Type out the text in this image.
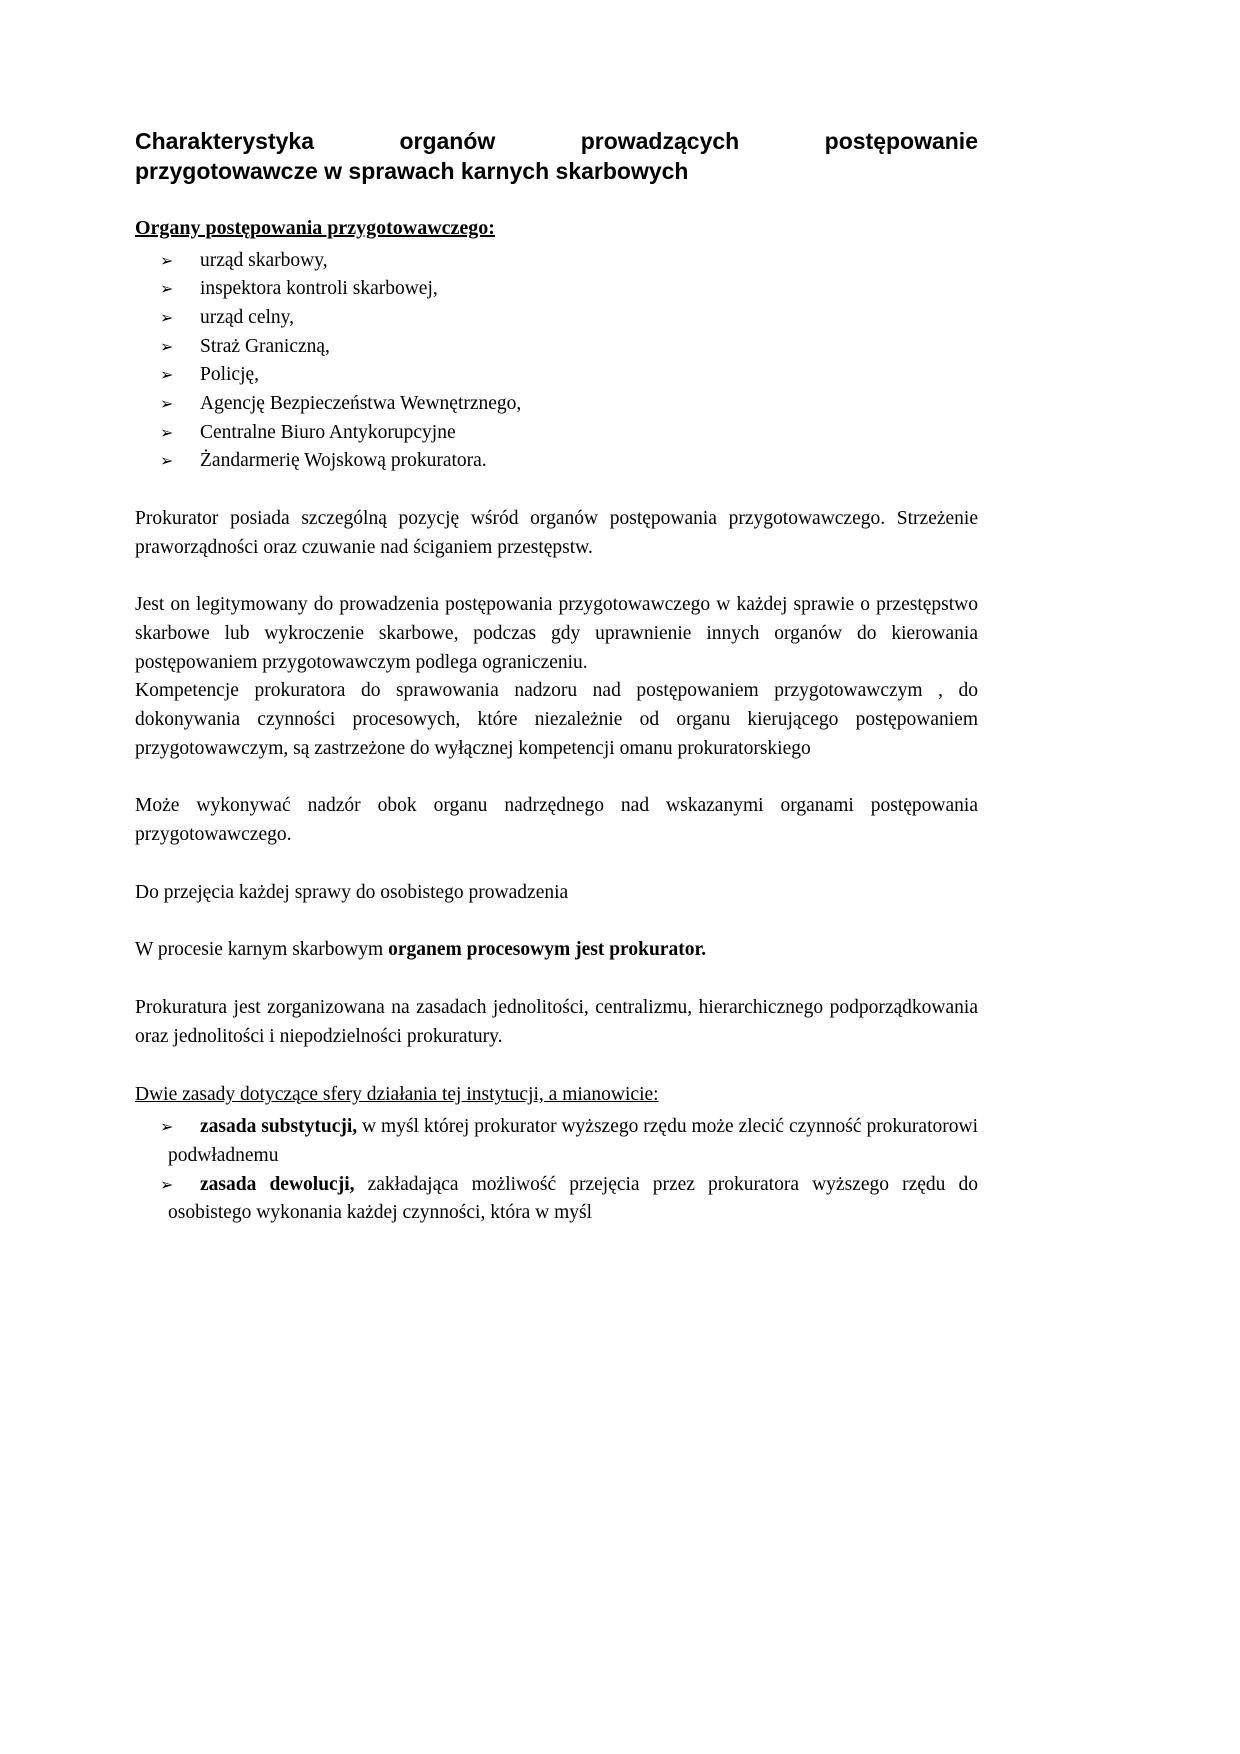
Charakterystyka organów prowadzących postępowanie
przygotowawcze w sprawach karnych skarbowych
Organy postępowania przygotowawczego:
➢ urząd skarbowy,
➢ inspektora kontroli skarbowej,
➢ urząd celny,
➢ Straż Graniczną,
➢ Policję,
➢ Agencję Bezpieczeństwa Wewnętrznego,
➢ Centralne Biuro Antykorupcyjne
➢ Żandarmerię Wojskową prokuratora.

Prokurator posiada szczególną pozycję wśród organów postępowania przygotowawczego. Strzeżenie praworządności oraz czuwanie nad ściganiem przestępstw.

Jest on legitymowany do prowadzenia postępowania przygotowawczego w każdej sprawie o przestępstwo skarbowe lub wykroczenie skarbowe, podczas gdy uprawnienie innych organów do kierowania postępowaniem przygotowawczym podlega ograniczeniu.

Kompetencje prokuratora do sprawowania nadzoru nad postępowaniem przygotowawczym , do dokonywania czynności procesowych, które niezależnie od organu kierującego postępowaniem przygotowawczym, są zastrzeżone do wyłącznej kompetencji omanu prokuratorskiego

Może wykonywać nadzór obok organu nadrzędnego nad wskazanymi organami postępowania przygotowawczego.

Do przejęcia każdej sprawy do osobistego prowadzenia

W procesie karnym skarbowym organem procesowym jest prokurator.

Prokuratura jest zorganizowana na zasadach jednolitości, centralizmu, hierarchicznego podporządkowania oraz jednolitości i niepodzielności prokuratury.

Dwie zasady dotyczące sfery działania tej instytucji, a mianowicie:
➢ zasada substytucji, w myśl której prokurator wyższego rzędu może zlecić czynność prokuratorowi podwładnemu
➢ zasada dewolucji, zakładająca możliwość przejęcia przez prokuratora wyższego rzędu do osobistego wykonania każdej czynności, która w myśl
